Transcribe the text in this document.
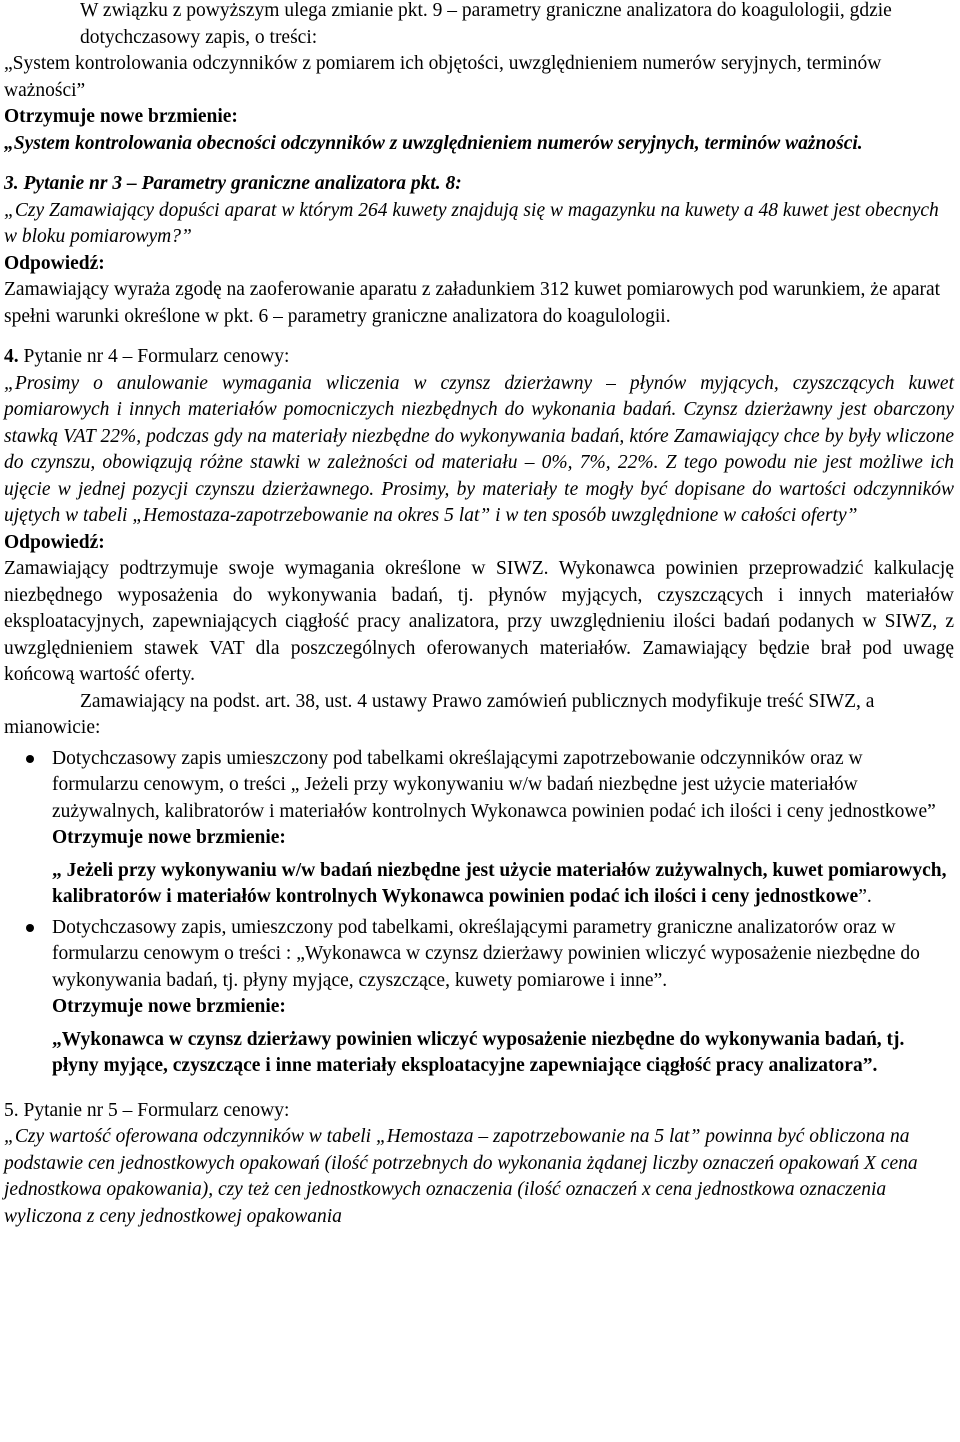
W związku z powyższym ulega zmianie pkt. 9 – parametry graniczne analizatora do koagulologii, gdzie dotychczasowy zapis, o treści:

„System kontrolowania odczynników z pomiarem ich objętości, uwzględnieniem numerów seryjnych, terminów ważności”

Otrzymuje nowe brzmienie:

„System kontrolowania obecności odczynników z uwzględnieniem numerów seryjnych, terminów ważności.

3. Pytanie nr 3 – Parametry graniczne analizatora pkt. 8:

„Czy Zamawiający dopuści aparat w którym 264 kuwety znajdują się w magazynku na kuwety a 48 kuwet jest obecnych w bloku pomiarowym?”

Odpowiedź:

Zamawiający wyraża zgodę na zaoferowanie aparatu z załadunkiem 312 kuwet pomiarowych pod warunkiem, że aparat spełni warunki określone w pkt. 6 – parametry graniczne analizatora do koagulologii.

4. Pytanie nr 4 – Formularz cenowy:

„Prosimy o anulowanie wymagania wliczenia w czynsz dzierżawny – płynów myjących, czyszczących kuwet pomiarowych i innych materiałów pomocniczych niezbędnych do wykonania badań. Czynsz dzierżawny jest obarczony stawką VAT 22%, podczas gdy na materiały niezbędne do wykonywania badań, które Zamawiający chce by były wliczone do czynszu, obowiązują różne stawki w zależności od materiału – 0%, 7%, 22%. Z tego powodu nie jest możliwe ich ujęcie w jednej pozycji czynszu dzierżawnego. Prosimy, by materiały te mogły być dopisane do wartości odczynników ujętych w tabeli „Hemostaza-zapotrzebowanie na okres 5 lat” i w ten sposób uwzględnione w całości oferty”

Odpowiedź:

Zamawiający podtrzymuje swoje wymagania określone w SIWZ. Wykonawca powinien przeprowadzić kalkulację niezbędnego wyposażenia do wykonywania badań, tj. płynów myjących, czyszczących i innych materiałów eksploatacyjnych, zapewniających ciągłość pracy analizatora, przy uwzględnieniu ilości badań podanych w SIWZ, z uwzględnieniem stawek VAT dla poszczególnych oferowanych materiałów. Zamawiający będzie brał pod uwagę końcową wartość oferty.

Zamawiający na podst. art. 38, ust. 4 ustawy Prawo zamówień publicznych modyfikuje treść SIWZ, a mianowicie:

Dotychczasowy zapis umieszczony pod tabelkami określającymi zapotrzebowanie odczynników oraz w formularzu cenowym, o treści „ Jeżeli przy wykonywaniu w/w badań niezbędne jest użycie materiałów zużywalnych, kalibratorów i materiałów kontrolnych Wykonawca powinien podać ich ilości i ceny jednostkowe”

Otrzymuje nowe brzmienie:

„ Jeżeli przy wykonywaniu w/w badań niezbędne jest użycie materiałów zużywalnych, kuwet pomiarowych, kalibratorów i materiałów kontrolnych Wykonawca powinien podać ich ilości i ceny jednostkowe”.

Dotychczasowy zapis, umieszczony pod tabelkami, określającymi parametry graniczne analizatorów oraz w formularzu cenowym o treści : „Wykonawca w czynsz dzierżawy powinien wliczyć wyposażenie niezbędne do wykonywania badań, tj. płyny myjące, czyszczące, kuwety pomiarowe i inne”.

Otrzymuje nowe brzmienie:

„Wykonawca w czynsz dzierżawy powinien wliczyć wyposażenie niezbędne do wykonywania badań, tj. płyny myjące, czyszczące i inne materiały eksploatacyjne zapewniające ciągłość pracy analizatora”.

5. Pytanie nr 5 – Formularz cenowy:

„Czy wartość oferowana odczynników w tabeli „Hemostaza – zapotrzebowanie na 5 lat” powinna być obliczona na podstawie cen jednostkowych opakowań (ilość potrzebnych do wykonania żądanej liczby oznaczeń opakowań X cena jednostkowa opakowania), czy też cen jednostkowych oznaczenia (ilość oznaczeń x cena jednostkowa oznaczenia wyliczona z ceny jednostkowej opakowania
